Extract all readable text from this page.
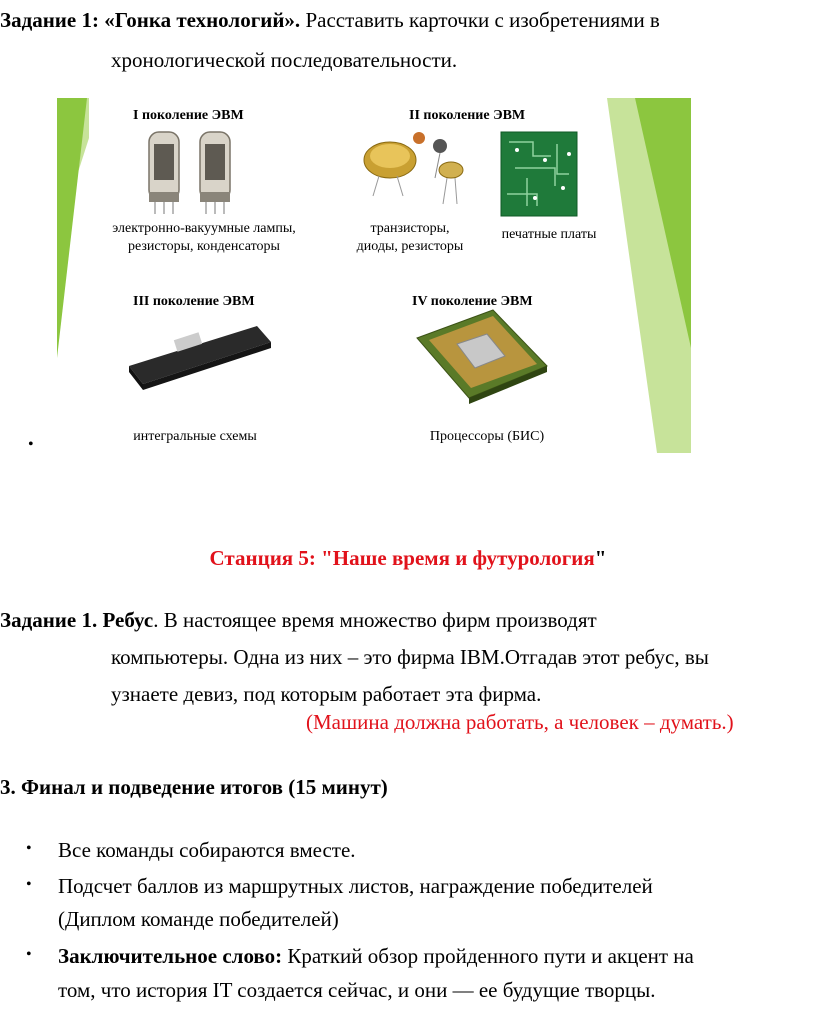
Задание 1: «Гонка технологий». Расставить карточки с изобретениями в
хронологической последовательности.
I поколение ЭВМ
электронно-вакуумные лампы,
резисторы, конденсаторы
II поколение ЭВМ
транзисторы,
диоды, резисторы
печатные платы
III поколение ЭВМ
интегральные схемы
IV поколение ЭВМ
Процессоры (БИС)
•
Станция 5: "Наше время и футурология"
Задание 1. Ребус. В настоящее время множество фирм производят
компьютеры. Одна из них – это фирма IBM.Отгадав этот ребус, вы
узнаете девиз, под которым работает эта фирма.
(Машина должна работать, а человек – думать.)
3. Финал и подведение итогов (15 минут)
• Все команды собираются вместе.
• Подсчет баллов из маршрутных листов, награждение победителей
(Диплом команде победителей)
• Заключительное слово: Краткий обзор пройденного пути и акцент на
том, что история IT создается сейчас, и они — ее будущие творцы.
